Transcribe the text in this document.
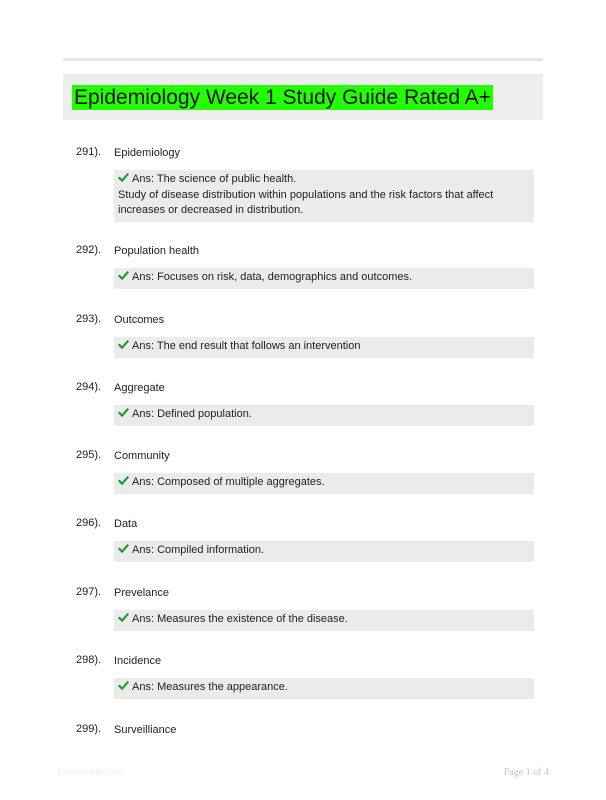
Epidemiology Week 1 Study Guide Rated A+
291). Epidemiology
Ans: The science of public health.
Study of disease distribution within populations and the risk factors that affect
increases or decreased in distribution.
292). Population health
Ans: Focuses on risk, data, demographics and outcomes.
293). Outcomes
Ans: The end result that follows an intervention
294). Aggregate
Ans: Defined population.
295). Community
Ans: Composed of multiple aggregates.
296). Data
Ans: Compiled information.
297). Prevelance
Ans: Measures the existence of the disease.
298). Incidence
Ans: Measures the appearance.
299). Surveilliance
PaperWebs.com	Page 1 of 4
